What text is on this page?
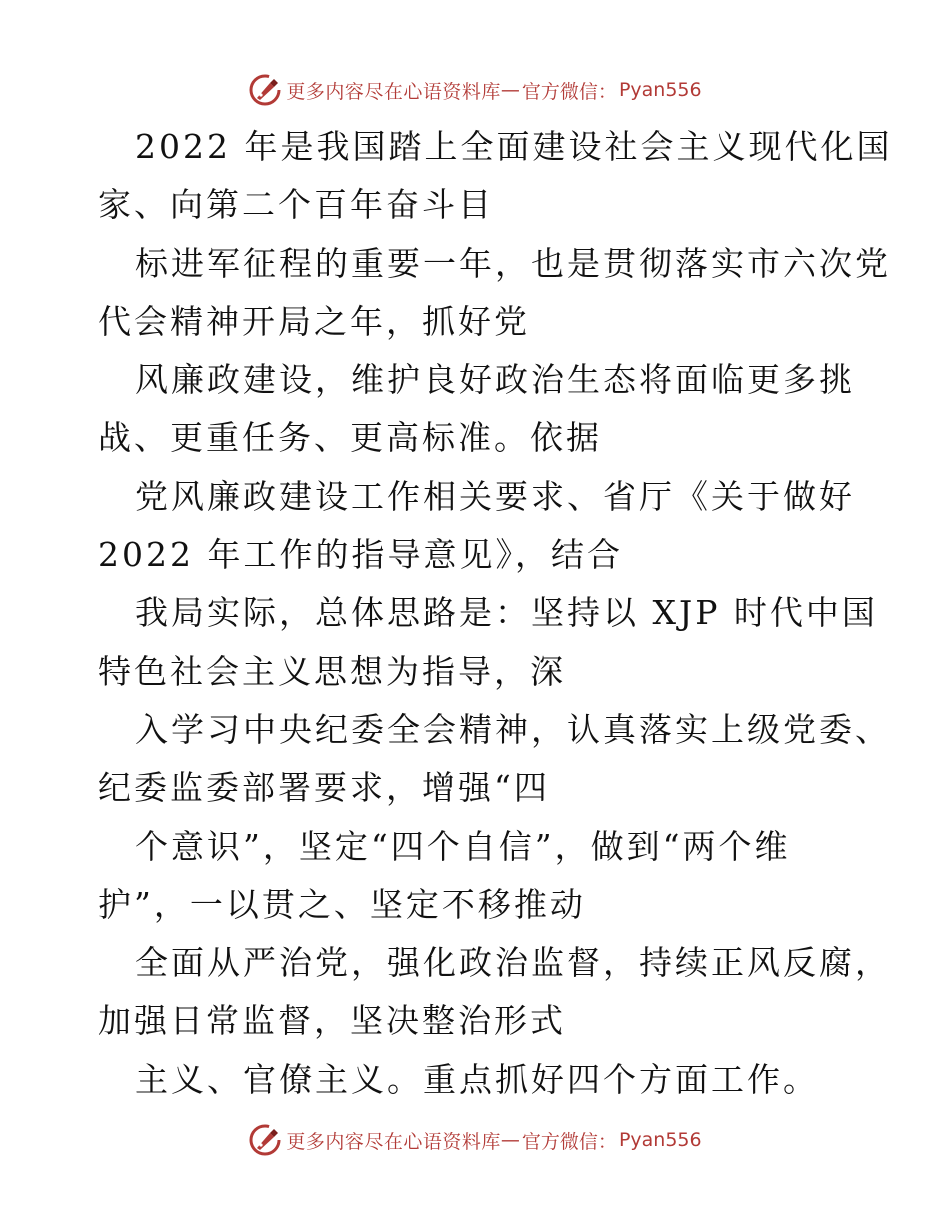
更多内容尽在心语资料库 — 官方微信： Pyan556
2022 年是我国踏上全面建设社会主义现代化国
家、向第二个百年奋斗目
标进军征程的重要一年，也是贯彻落实市六次党
代会精神开局之年，抓好党
风廉政建设，维护良好政治生态将面临更多挑
战、更重任务、更高标准。依据
党风廉政建设工作相关要求、省厅《关于做好
2022 年工作的指导意见》，结合
我局实际，总体思路是：坚持以 XJP 时代中国
特色社会主义思想为指导，深
入学习中央纪委全会精神，认真落实上级党委、
纪委监委部署要求，增强“四
个意识”，坚定“四个自信”，做到“两个维
护”，一以贯之、坚定不移推动
全面从严治党，强化政治监督，持续正风反腐，
加强日常监督，坚决整治形式
主义、官僚主义。重点抓好四个方面工作。
更多内容尽在心语资料库 — 官方微信： Pyan556
